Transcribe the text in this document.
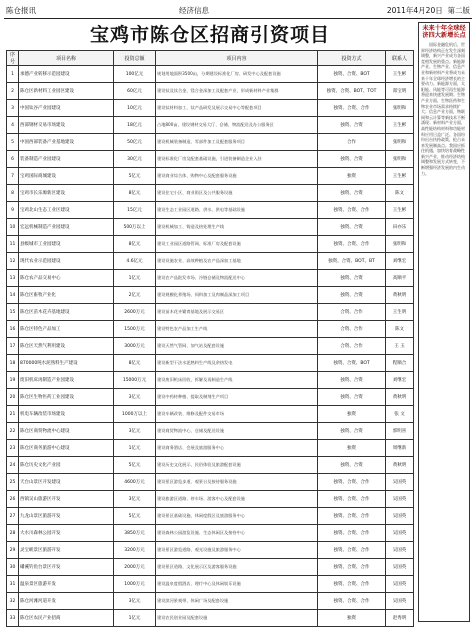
陈仓报讯	经济信息	2011年4月20日 第二版
宝鸡市陈仓区招商引资项目
序号	项目名称	投资总额	项目内容	投资方式	联系人
1	承德产业转移示范园建设	100亿元	规划用地面积3500亩，分期建设标准化厂房、研发中心及配套设施	独资、合资、BOT	王生彬
2	陈仓区新材料工业园区建设	60亿元	建设钛及钛合金、镁合金深加工及配套产业，形成新材料产业集群	独资、合资、BOT、TOT	郑宝明
3	中国钛谷产业园建设	10亿元	建设钛材料加工、钛产品研发及展示交易中心等配套项目	独资、合资、合作	张明和
4	西部钢材交易市场建设	18亿元	占地800亩，建设钢材交易大厅、仓储、物流配送及办公服务区	独资、合资	王生彬
5	中国西部装备产业基地建设	50亿元	建设机械装备制造、零部件加工及配套服务项目	合作	张明和
6	装备制造产业园建设	30亿元	建设标准化厂房及配套基础设施，引进装备制造企业入驻	独资、合资	张明和
7	宝鸡国际商城建设	5亿元	建设商业综合体、购物中心及配套服务设施	独资	王生彬
8	宝鸡市长乐塬新区建设	8亿元	建设住宅小区、商业街区及公共服务设施	独资、合资	陈文
9	宝鸡北山生态工业区建设	15亿元	建设生态工业园区道路、供水、供电等基础设施	独资、合资、合作	王生彬
10	宏远机械制造产业园建设	500万以上	建设机械加工、铸造及热处理生产线	独资、合资	田亦乐
11	县级城市工业园建设	8亿元	建设工业园区道路管网、标准厂房及配套设施	独资、合资、合作	张明和
12	现代农业示范园建设	4.6亿元	建设设施农业、高效种植及农产品深加工基地	独资、合资、BOT、BT	刘继宏
13	陈仓农产品交易中心	1亿元	建设农产品批发市场、冷链仓储及物流配送中心	独资、合资	高顺平
14	陈仓区畜牧产业化	2亿元	建设规模化养殖场、饲料加工及肉制品深加工项目	独资、合资	黄秋明
15	陈仓区苗木花卉基地建设	2600万元	建设苗木花卉繁育基地及展示交易区	合资、合作	王生明
16	陈仓区特色产品加工	1500万元	建设特色农产品加工生产线	合资、合作	陈文
17	陈仓区天然气利用建设	3000万元	建设天然气管网、加气站及配套设施	合资、合作	王 玉
18	870000吨水泥熟料生产建设	8亿元	建设新型干法水泥熟料生产线及余热发电	独资、合资、BOT	程顺合
19	废旧机床再制造产业园建设	15000万元	建设废旧机床回收、拆解及再制造生产线	独资、合资	刘继宏
20	陈仓区生物医药工业园建设	3亿元	建设中药材种植、提取及制剂生产项目	独资、合资	黄秋明
21	机电车辆改装市场建设	1000万以上	建设车辆改装、维修及配件交易市场	独资	张 文
22	陈仓区商贸物流中心建设	3亿元	建设商贸物流中心、仓储及配送设施	独资、合资	郭明喜
23	陈仓区商务旅游中心建设	1亿元	建设商务酒店、会展及旅游服务中心	独资	周继新
24	陈仓历史文化产业园	5亿元	建设历史文化展示、民俗体验及旅游配套设施	独资、合资	黄秋明
25	天台山景区开发建设	4600万元	建设景区游览步道、观景台及接待服务设施	独资、合资、合作	吴国英
26	西镇吴山旅游区开发	3亿元	建设旅游区道路、停车场、游客中心及配套设施	独资、合资、合作	吴国英
27	九龙山景区旅游开发	5亿元	建设景区基础设施、休闲度假区及旅游服务中心	独资、合资、合作	吴国英
28	大水川森林公园开发	3850万元	建设森林公园游览设施、生态休闲区及接待中心	独资、合资、合作	吴国英
29	灵宝峡景区旅游开发	3200万元	建设景区游览道路、观光设施及旅游服务中心	独资、合资、合作	吴国英
30	磻溪钓鱼台景区开发	2000万元	建设景区道路、文化展示区及游客服务设施	独资、合资、合作	吴国英
31	温泉景区旅游开发	1000万元	建设温泉度假酒店、理疗中心及休闲娱乐设施	独资、合资、合作	吴国英
32	陈仓河滩河道开发	3亿元	建设滨河景观带、休闲广场及配套设施	独资、合资、合作	吴国英
33	陈仓区农民产业招商	1亿元	建设农民创业园及配套设施	独资	赵秀明
未来十年全球经济四大新增长点
国际金融危机后，世界经济结构正在发生深刻调整，新兴产业成为各国竞相发展的重点。新能源产业、生物产业、信息产业和新材料产业将成为未来十年全球经济增长的主要动力。新能源方面，太阳能、风能等可再生能源将迎来快速发展期；生物产业方面，生物医药和生物农业市场需求持续扩大；信息产业方面，物联网和云计算等新技术不断涌现；新材料产业方面，高性能结构材料和功能材料应用日益广泛。各国纷纷出台扶持政策，抢占未来发展制高点。我国应抓住机遇，加快培育战略性新兴产业，推动经济结构调整和发展方式转变，不断增强经济发展的内生动力。
